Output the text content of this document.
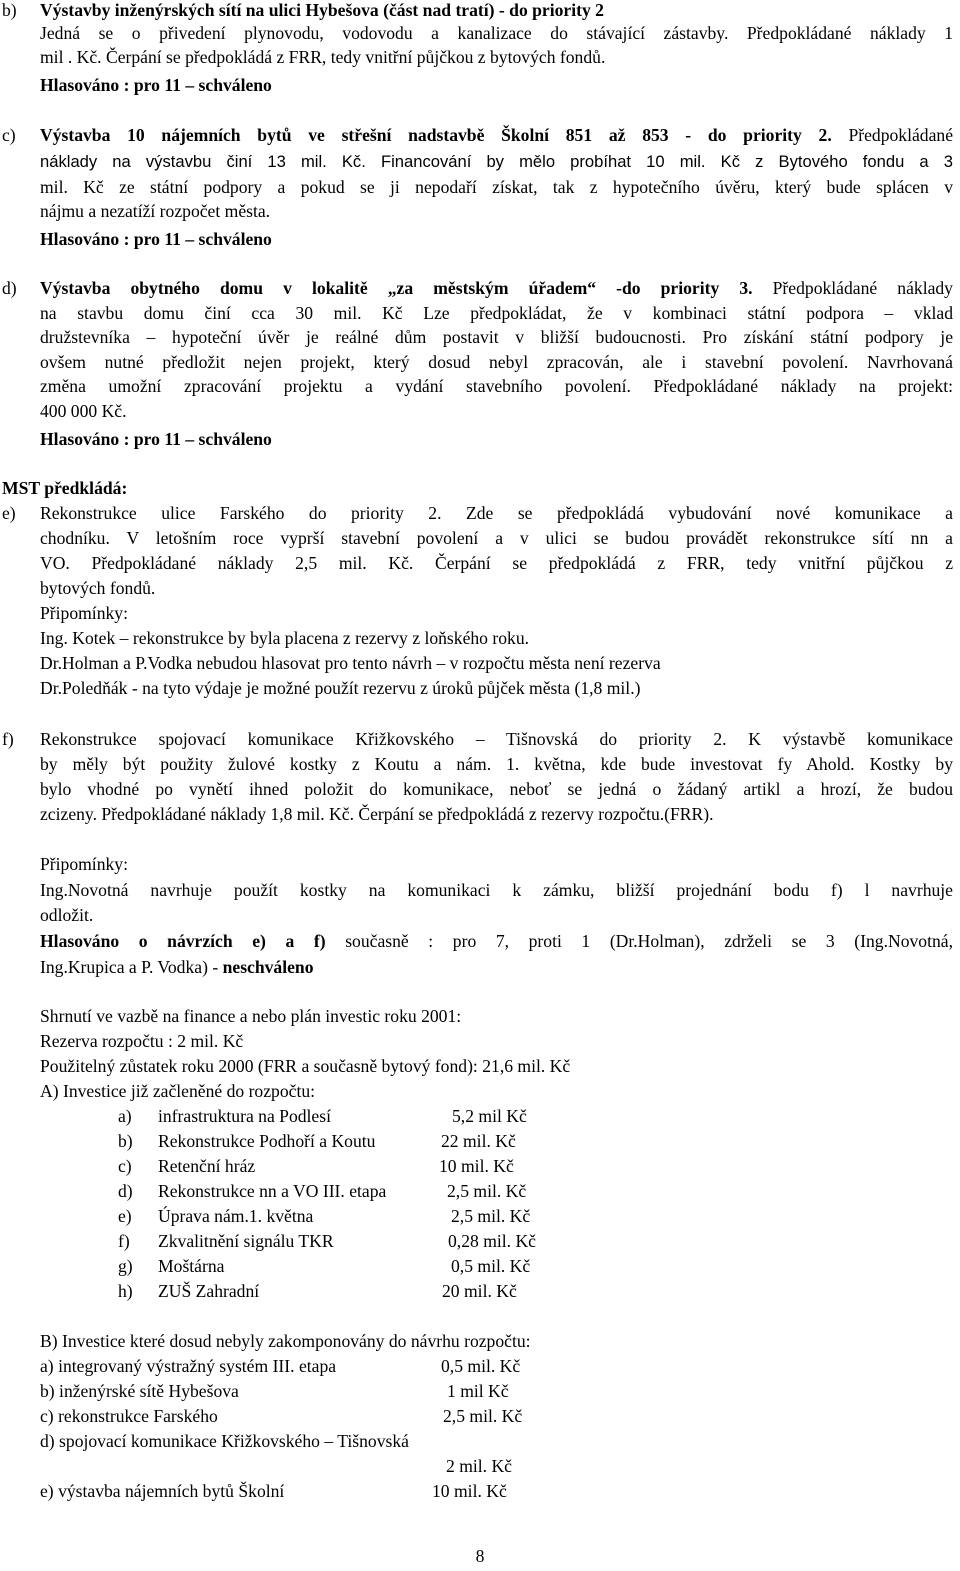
b) Výstavby inženýrských sítí na ulici Hybešova (část nad tratí) - do priority 2
Jedná se o přivedení plynovodu, vodovodu a kanalizace do stávající zástavby. Předpokládané náklady 1
mil . Kč. Čerpání se předpokládá z FRR, tedy vnitřní půjčkou z bytových fondů.
Hlasováno : pro 11 – schváleno
c) Výstavba 10 nájemních bytů ve střešní nadstavbě Školní 851 až 853 - do priority 2. Předpokládané
náklady na výstavbu činí 13 mil. Kč. Financování by mělo probíhat 10 mil. Kč z Bytového fondu a 3
mil. Kč ze státní podpory a pokud se ji nepodaří získat, tak z hypotečního úvěru, který bude splácen v
nájmu a nezatíží rozpočet města.
Hlasováno : pro 11 – schváleno
d) Výstavba obytného domu v lokalitě „za městským úřadem“ -do priority 3. Předpokládané náklady
na stavbu domu činí cca 30 mil. Kč Lze předpokládat, že v kombinaci státní podpora – vklad
družstevníka – hypoteční úvěr je reálné dům postavit v bližší budoucnosti. Pro získání státní podpory je
ovšem nutné předložit nejen projekt, který dosud nebyl zpracován, ale i stavební povolení. Navrhovaná
změna umožní zpracování projektu a vydání stavebního povolení. Předpokládané náklady na projekt:
400 000 Kč.
Hlasováno : pro 11 – schváleno
MST předkládá:
e) Rekonstrukce ulice Farského do priority 2. Zde se předpokládá vybudování nové komunikace a
chodníku. V letošním roce vyprší stavební povolení a v ulici se budou provádět rekonstrukce sítí nn a
VO. Předpokládané náklady 2,5 mil. Kč. Čerpání se předpokládá z FRR, tedy vnitřní půjčkou z
bytových fondů.
Připomínky:
Ing. Kotek – rekonstrukce by byla placena z rezervy z loňského roku.
Dr.Holman a P.Vodka nebudou hlasovat pro tento návrh – v rozpočtu města není rezerva
Dr.Poledňák - na tyto výdaje je možné použít rezervu z úroků půjček města (1,8 mil.)
f) Rekonstrukce spojovací komunikace Křižkovského – Tišnovská do priority 2. K výstavbě komunikace
by měly být použity žulové kostky z Koutu a nám. 1. května, kde bude investovat fy Ahold. Kostky by
bylo vhodné po vynětí ihned položit do komunikace, neboť se jedná o žádaný artikl a hrozí, že budou
zcizeny. Předpokládané náklady 1,8 mil. Kč. Čerpání se předpokládá z rezervy rozpočtu.(FRR).
Připomínky:
Ing.Novotná navrhuje použít kostky na komunikaci k zámku, bližší projednání bodu f) l navrhuje
odložit.
Hlasováno o návrzích e) a f) současně : pro 7, proti 1 (Dr.Holman), zdrželi se 3 (Ing.Novotná,
Ing.Krupica a P. Vodka) - neschváleno
Shrnutí ve vazbě na finance a nebo plán investic roku 2001:
Rezerva rozpočtu : 2 mil. Kč
Použitelný zůstatek roku 2000 (FRR a současně bytový fond): 21,6 mil. Kč
A) Investice již začleněné do rozpočtu:
a) infrastruktura na Podlesí	5,2 mil Kč
b) Rekonstrukce Podhoří a Koutu	22 mil. Kč
c) Retenční hráz	10 mil. Kč
d) Rekonstrukce nn a VO III. etapa	2,5 mil. Kč
e) Úprava nám.1. května	2,5 mil. Kč
f) Zkvalitnění signálu TKR	0,28 mil. Kč
g) Moštárna	0,5 mil. Kč
h) ZUŠ Zahradní	20 mil. Kč
B) Investice které dosud nebyly zakomponovány do návrhu rozpočtu:
a) integrovaný výstražný systém III. etapa	0,5 mil. Kč
b) inženýrské sítě Hybešova	1 mil Kč
c) rekonstrukce Farského	2,5 mil. Kč
d) spojovací komunikace Křižkovského – Tišnovská
2 mil. Kč
e) výstavba nájemních bytů Školní	10 mil. Kč
8
